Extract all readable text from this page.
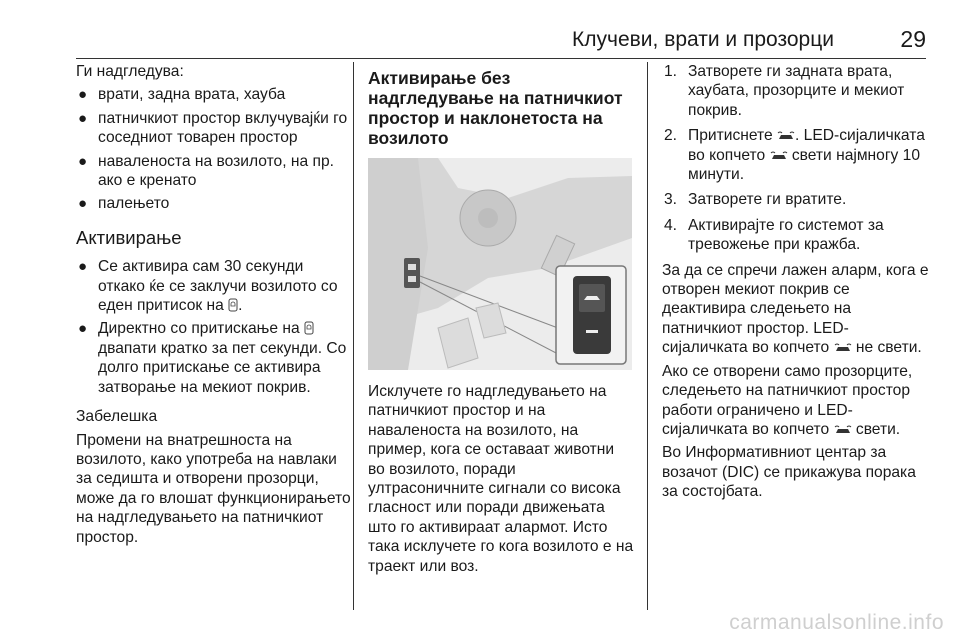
Клучеви, врати и прозорци	29

Ги надгледува:

● врати, задна врата, хауба
● патничкиот простор вклучувајќи го соседниот товарен простор
● наваленоста на возилото, на пр. ако е кренато
● палењето
Активирање
● Се активира сам 30 секунди откако ќе се заклучи возилото со еден притисок на .
● Директно со притискање на  двапати кратко за пет секунди. Со долго притискање се активира затворање на мекиот покрив.

Забелешка

Промени на внатрешноста на возилото, како употреба на навлаки за седишта и отворени прозорци, може да го влошат функционирањето на надгледувањето на патничкиот простор.

Активирање без надгледување на патничкиот простор и наклонетоста на возилото

Исклучете го надгледувањето на патничкиот простор и на наваленоста на возилото, на пример, кога се оставаат животни во возилото, поради ултрасоничните сигнали со висока гласност или поради движењата што го активираат алармот. Исто така исклучете го кога возилото е на траект или воз.

1. Затворете ги задната врата, хаубата, прозорците и мекиот покрив.
2. Притиснете . LED-сијаличката во копчето свети најмногу 10 минути.
3. Затворете ги вратите.
4. Активирајте го системот за тревожење при кражба.

За да се спречи лажен аларм, кога е отворен мекиот покрив се деактивира следењето на патничкиот простор. LED-сијаличката во копчето не свети.

Ако се отворени само прозорците, следењето на патничкиот простор работи ограничено и LED-сијаличката во копчето свети.

Во Информативниот центар за возачот (DIC) се прикажува порака за состојбата.

carmanualsonline.info
